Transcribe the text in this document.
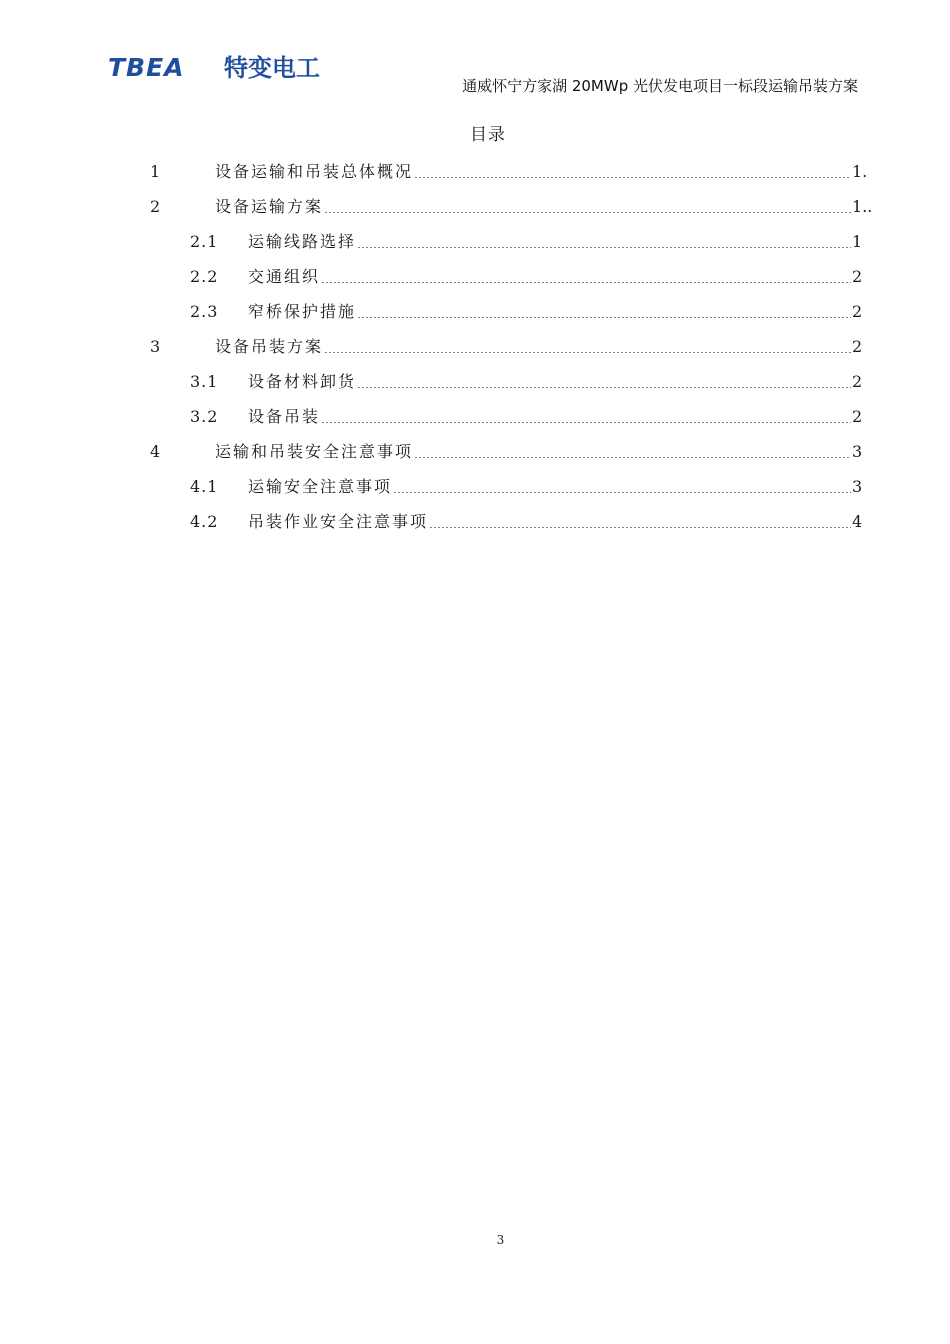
TBEA 特变电工
通威怀宁方家湖 20MWp 光伏发电项目一标段运输吊装方案
目录
1	设备运输和吊装总体概况	1.
2	设备运输方案	1..
2.1	运输线路选择	1
2.2	交通组织	2
2.3	窄桥保护措施	2
3	设备吊装方案	2
3.1	设备材料卸货	2
3.2	设备吊装	2
4	运输和吊装安全注意事项	3
4.1	运输安全注意事项	3
4.2	吊装作业安全注意事项	4
3
